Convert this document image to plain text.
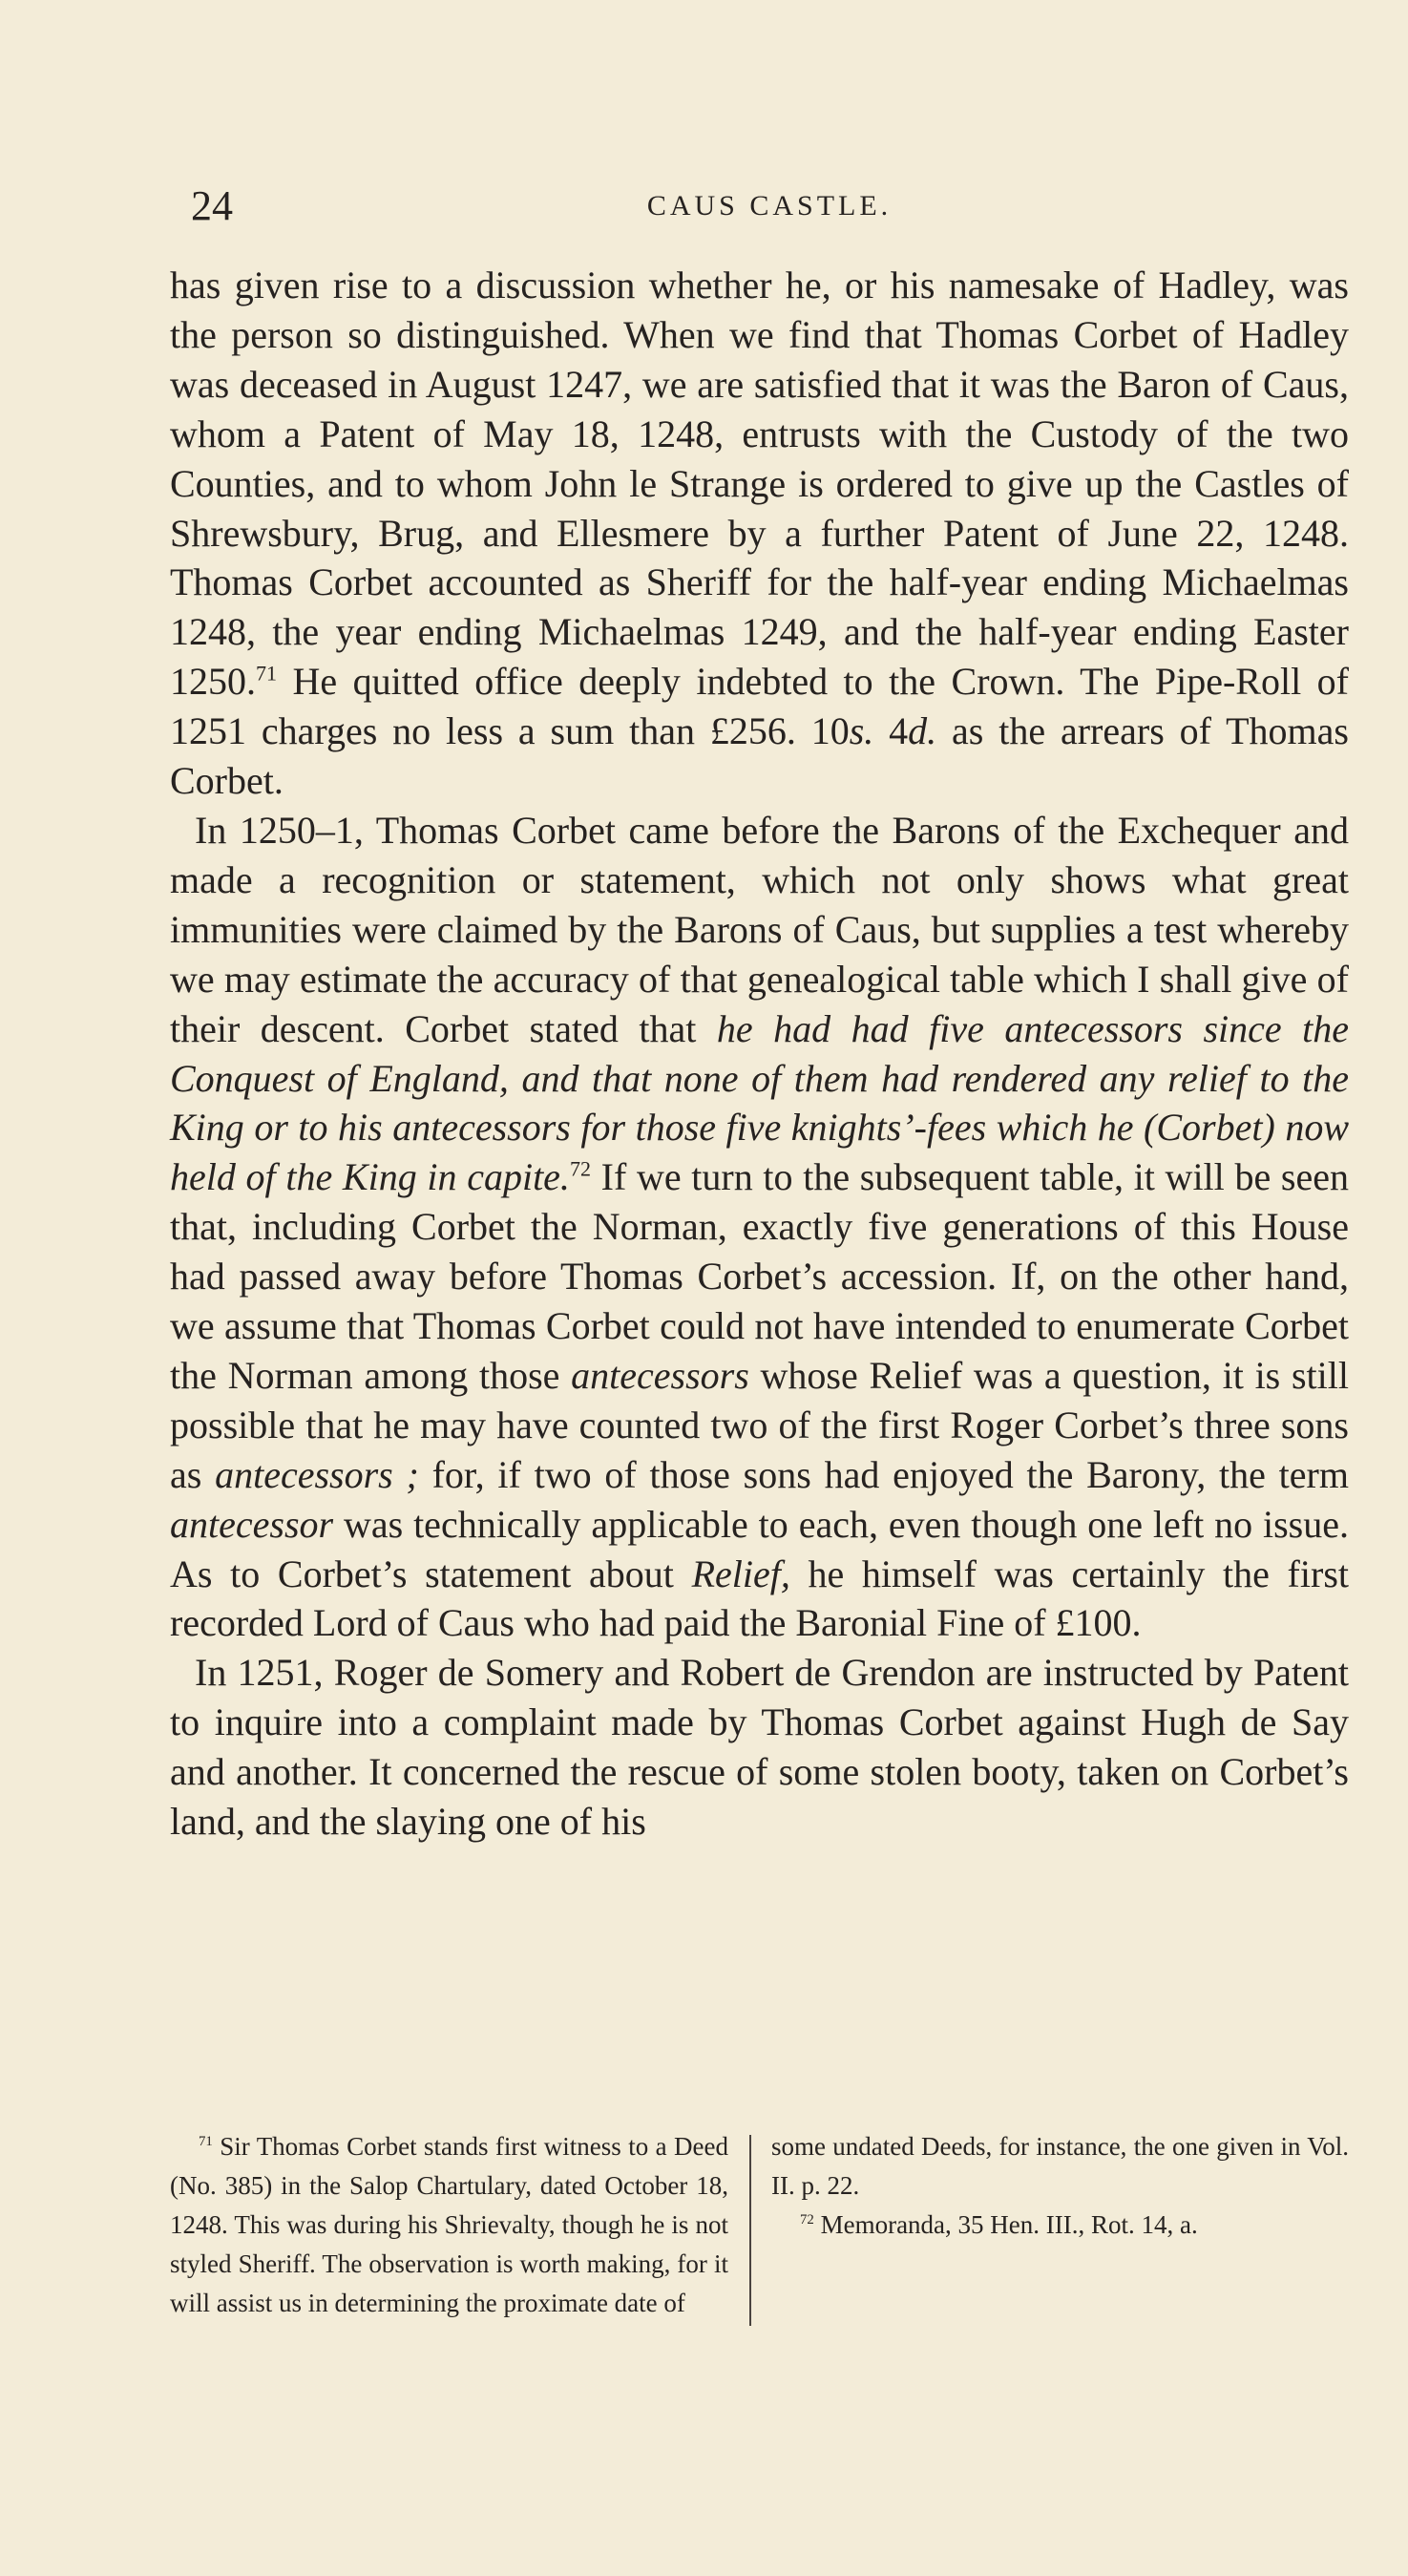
24	CAUS CASTLE.

has given rise to a discussion whether he, or his namesake of Hadley, was the person so distinguished. When we find that Thomas Corbet of Hadley was deceased in August 1247, we are satisfied that it was the Baron of Caus, whom a Patent of May 18, 1248, entrusts with the Custody of the two Counties, and to whom John le Strange is ordered to give up the Castles of Shrewsbury, Brug, and Ellesmere by a further Patent of June 22, 1248. Thomas Corbet accounted as Sheriff for the half-year ending Michaelmas 1248, the year ending Michaelmas 1249, and the half-year ending Easter 1250.71 He quitted office deeply indebted to the Crown. The Pipe-Roll of 1251 charges no less a sum than £256. 10s. 4d. as the arrears of Thomas Corbet.

In 1250–1, Thomas Corbet came before the Barons of the Exchequer and made a recognition or statement, which not only shows what great immunities were claimed by the Barons of Caus, but supplies a test whereby we may estimate the accuracy of that genealogical table which I shall give of their descent. Corbet stated that he had had five antecessors since the Conquest of England, and that none of them had rendered any relief to the King or to his antecessors for those five knights’-fees which he (Corbet) now held of the King in capite.$^{72}$ If we turn to the subsequent table, it will be seen that, including Corbet the Norman, exactly five generations of this House had passed away before Thomas Corbet’s accession. If, on the other hand, we assume that Thomas Corbet could not have intended to enumerate Corbet the Norman among those antecessors whose Relief was a question, it is still possible that he may have counted two of the first Roger Corbet’s three sons as antecessors ; for, if two of those sons had enjoyed the Barony, the term antecessor was technically applicable to each, even though one left no issue. As to Corbet’s statement about Relief, he himself was certainly the first recorded Lord of Caus who had paid the Baronial Fine of £100.

In 1251, Roger de Somery and Robert de Grendon are instructed by Patent to inquire into a complaint made by Thomas Corbet against Hugh de Say and another. It concerned the rescue of some stolen booty, taken on Corbet’s land, and the slaying one of his

$^{71}$ Sir Thomas Corbet stands first witness to a Deed (No. 385) in the Salop Chartulary, dated October 18, 1248. This was during his Shrievalty, though he is not styled Sheriff. The observation is worth making, for it will assist us in determining the proximate date of

some undated Deeds, for instance, the one given in Vol. II. p. 22.

$^{72}$ Memoranda, 35 Hen. III., Rot. 14, a.
